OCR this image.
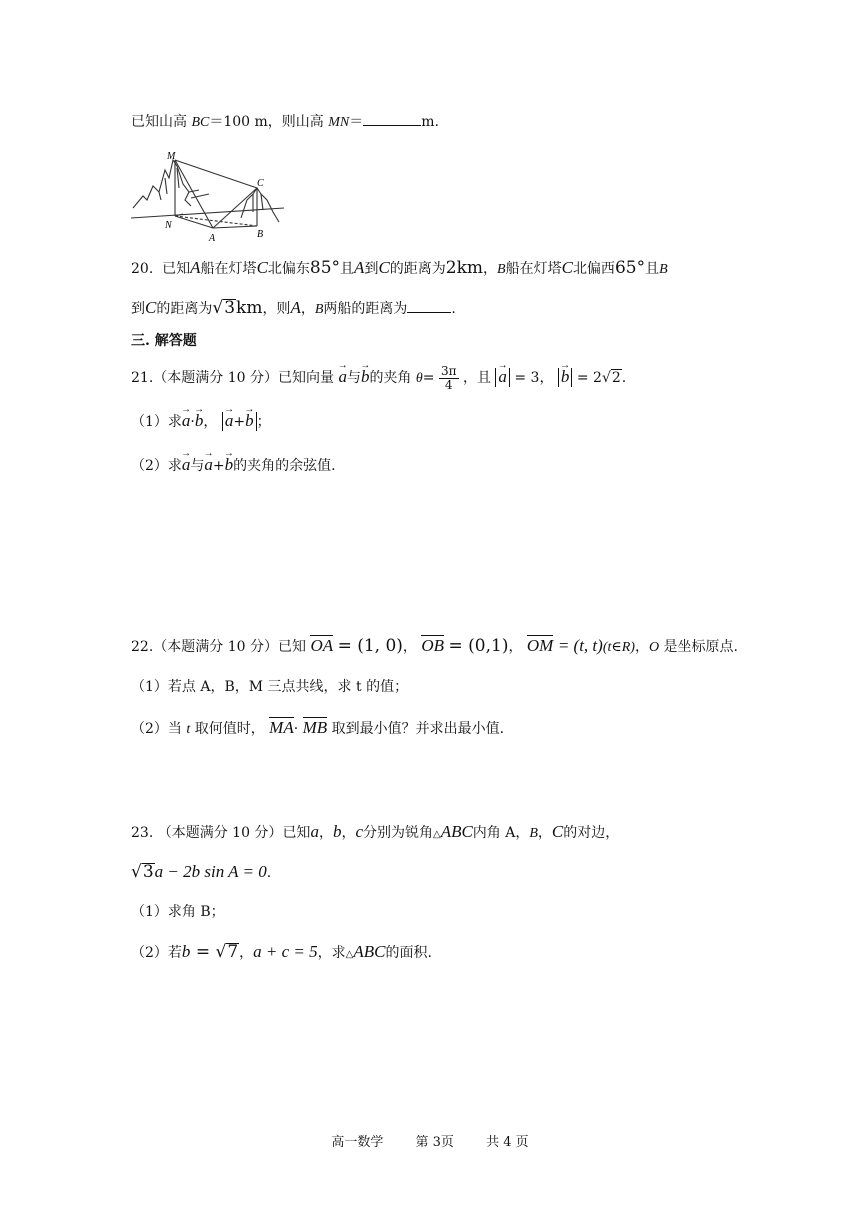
已知山高 BC＝100 m，则山高 MN＝	m.
M
C
N
A	B
20. 已知A船在灯塔C北偏东85°且A到C的距离为2km，B船在灯塔C北偏西65°且B
到C的距离为√3km，则A，B两船的距离为	.
三. 解答题
21.（本题满分 10 分）已知向量 → a与→ b的夹角 $\theta= \frac{3\pi}{4}$ ，且 → a = 3， → b = 2√2.
（1）求→ a·→ b， → a+→ b ；
（2）求→ a与→ a+→ b的夹角的余弦值.
22.（本题满分 10 分）已知 OA = (1, 0)， OB = (0,1)， OM = (t, t)(t∈R)，O 是坐标原点.
（1）若点 A，B，M 三点共线，求 t 的值；
（2）当 t 取何值时， MA· MB 取到最小值？并求出最小值.
23. （本题满分 10 分）已知a，b，c分别为锐角△ABC内角 A，B，C的对边，
√3a − 2b sin A = 0.
（1）求角 B；
（2）若b = √7，a + c = 5，求△ABC的面积.
高一数学 第 3页 共 4 页
